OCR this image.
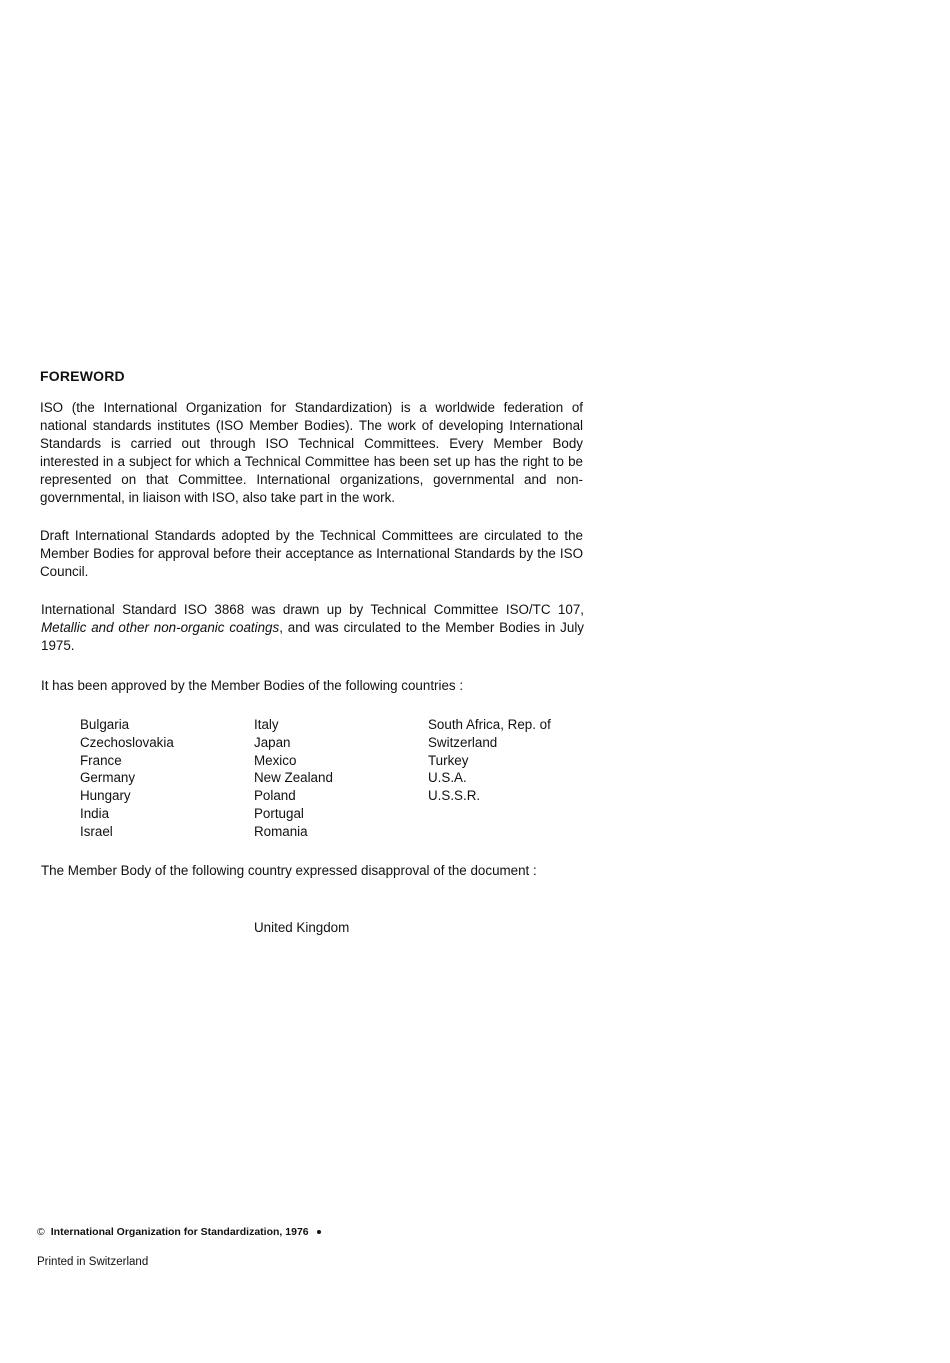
FOREWORD

ISO (the International Organization for Standardization) is a worldwide federation of national standards institutes (ISO Member Bodies). The work of developing International Standards is carried out through ISO Technical Committees. Every Member Body interested in a subject for which a Technical Committee has been set up has the right to be represented on that Committee. International organizations, governmental and non-governmental, in liaison with ISO, also take part in the work.

Draft International Standards adopted by the Technical Committees are circulated to the Member Bodies for approval before their acceptance as International Standards by the ISO Council.

International Standard ISO 3868 was drawn up by Technical Committee ISO/TC 107, Metallic and other non-organic coatings, and was circulated to the Member Bodies in July 1975.

It has been approved by the Member Bodies of the following countries :

Bulgaria
Czechoslovakia
France
Germany
Hungary
India
Israel
Italy
Japan
Mexico
New Zealand
Poland
Portugal
Romania
South Africa, Rep. of
Switzerland
Turkey
U.S.A.
U.S.S.R.

The Member Body of the following country expressed disapproval of the document :

United Kingdom
© International Organization for Standardization, 1976
Printed in Switzerland
